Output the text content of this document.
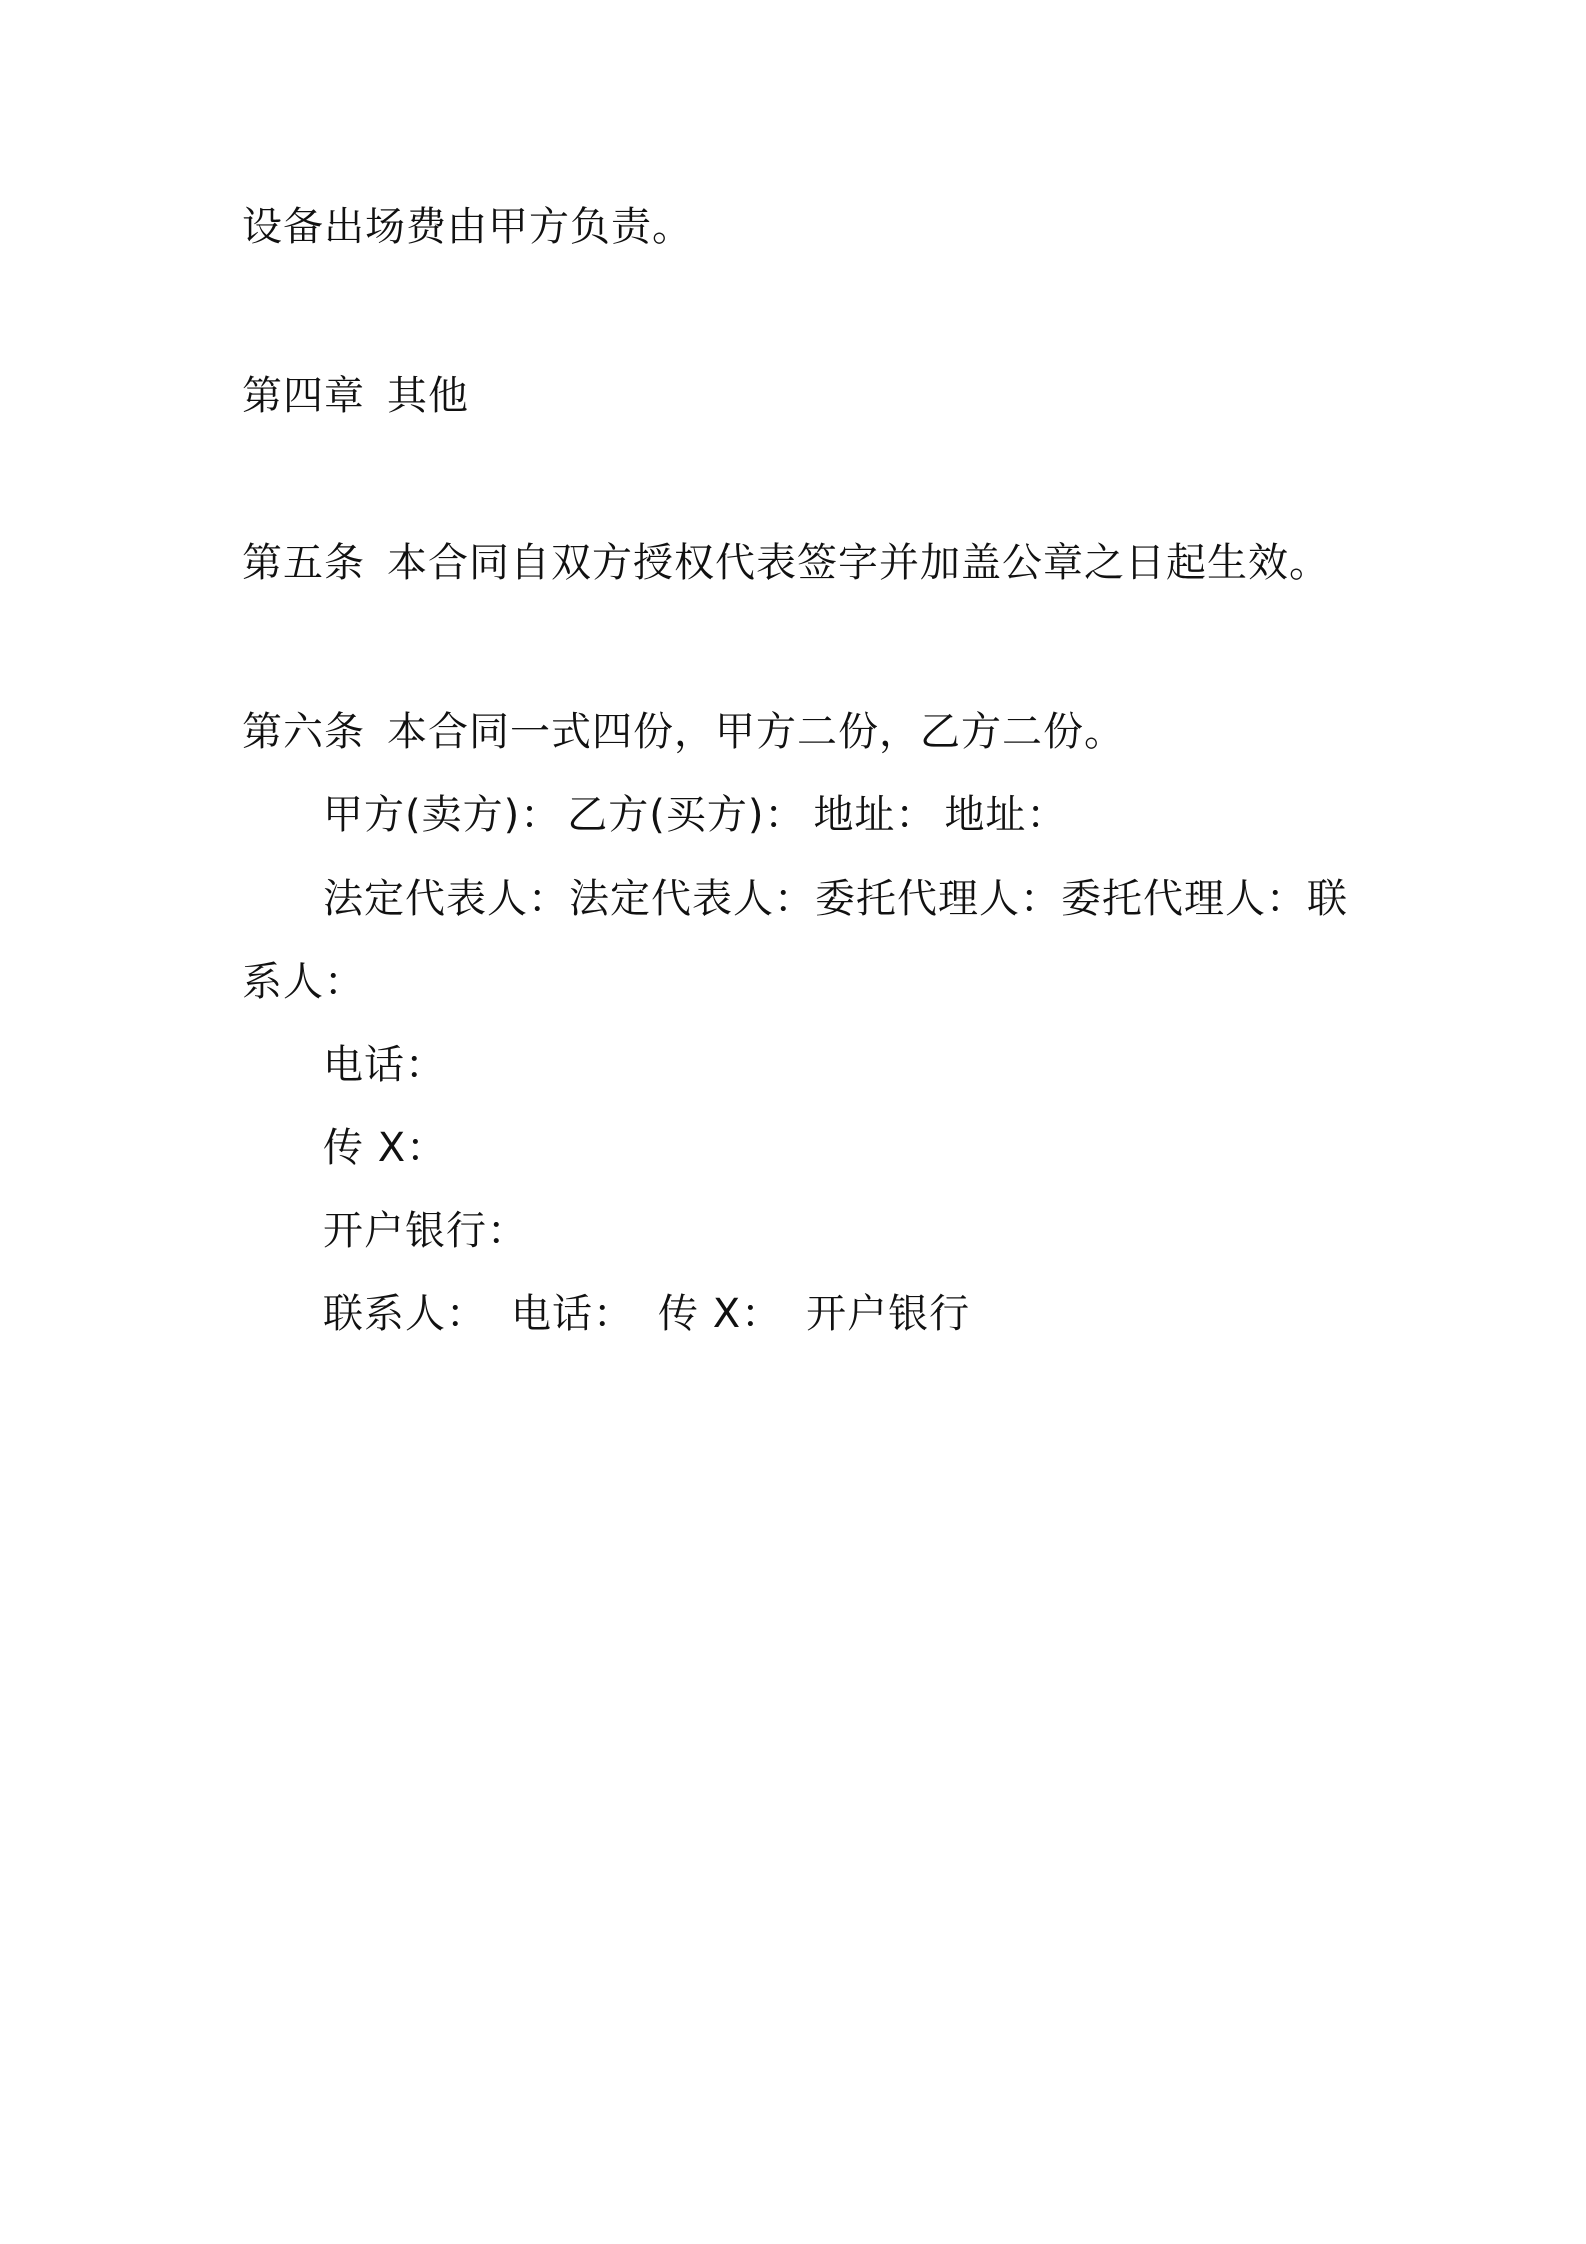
设备出场费由甲方负责。
第四章 其他
第五条 本合同自双方授权代表签字并加盖公章之日起生效。
第六条 本合同一式四份，甲方二份，乙方二份。
甲方(卖方)： 乙方(买方)： 地址： 地址：
法定代表人：法定代表人：委托代理人：委托代理人：联
系人：
电话：
传 X：
开户银行：
联系人： 电话： 传 X： 开户银行
